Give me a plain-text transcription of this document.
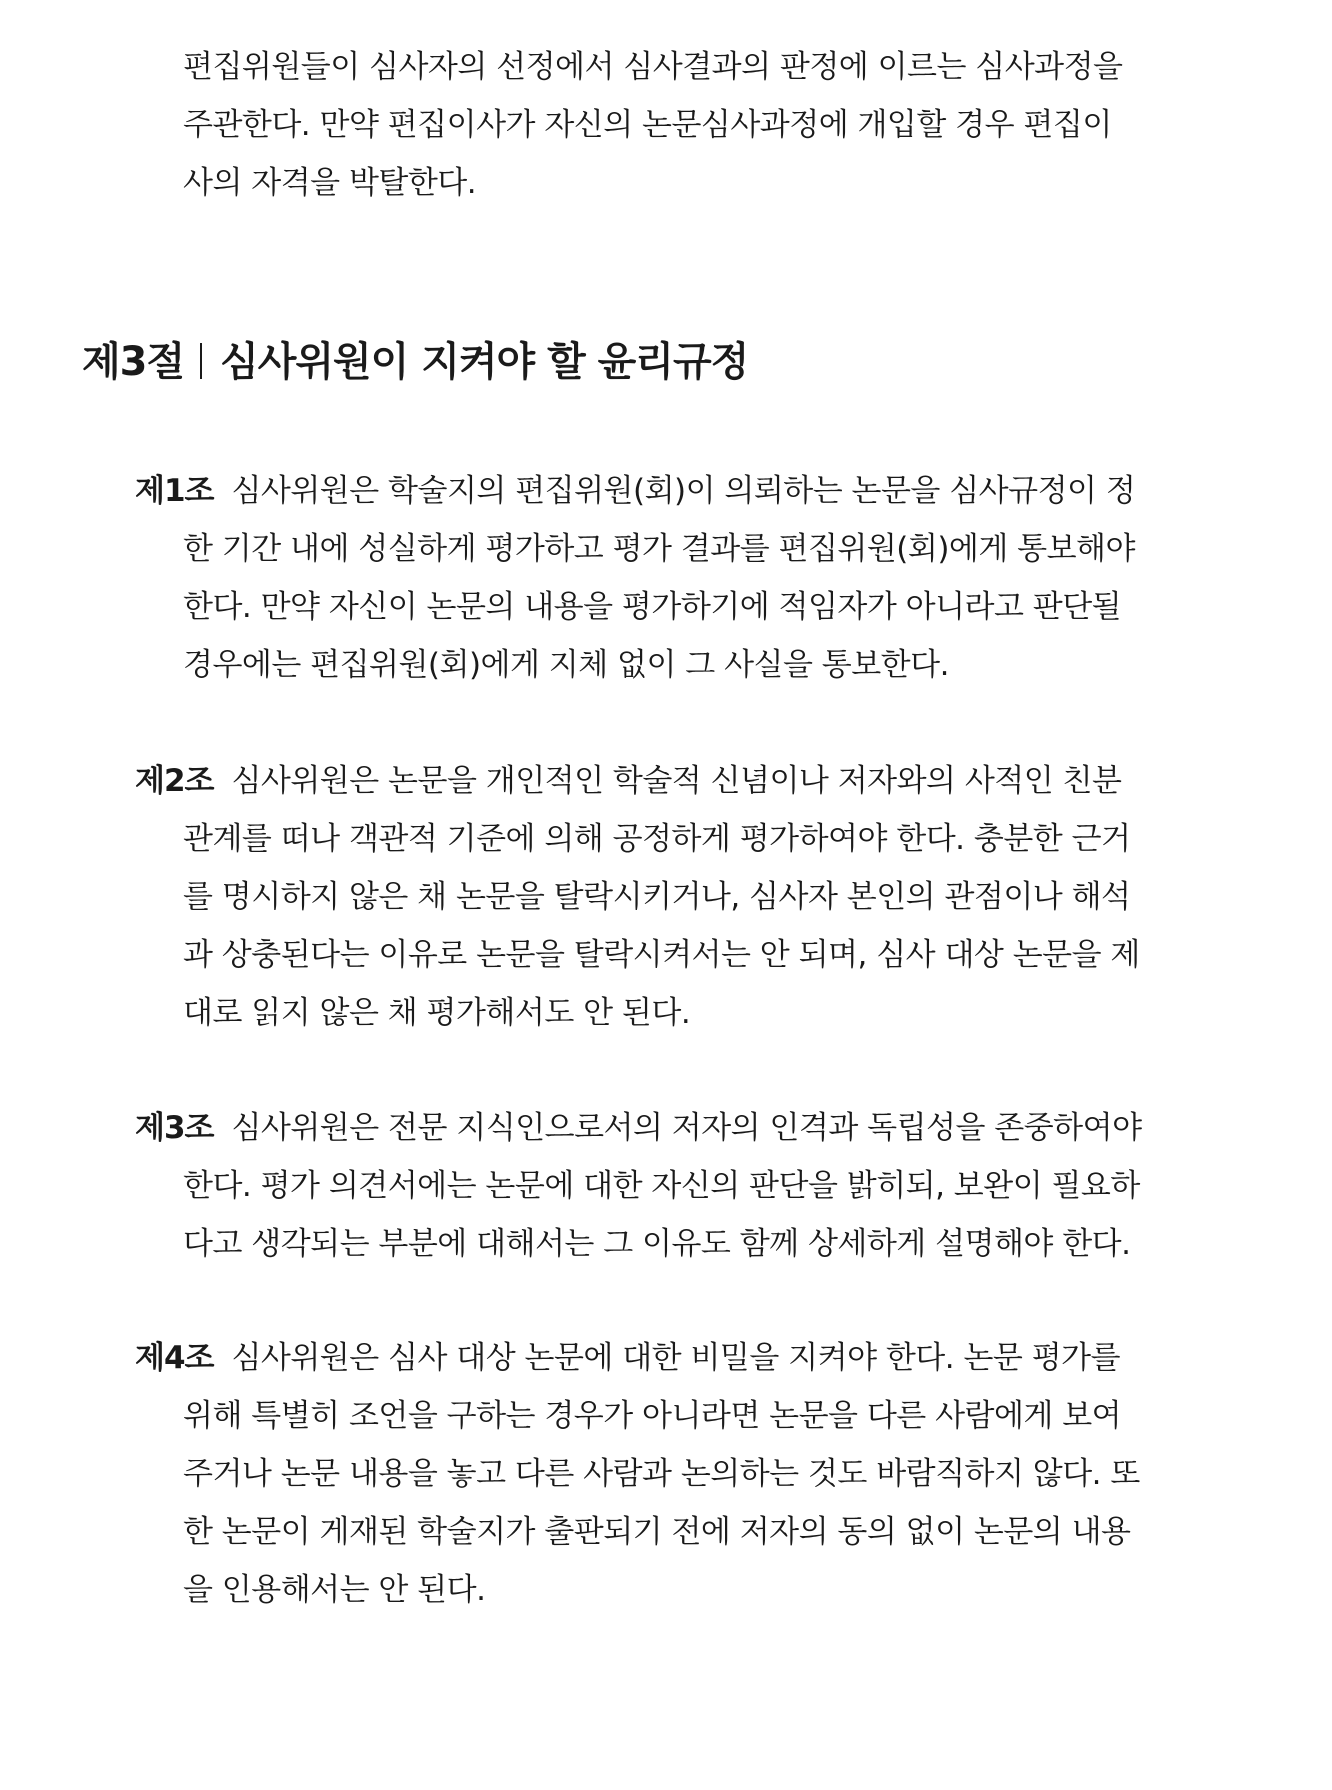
편집위원들이 심사자의 선정에서 심사결과의 판정에 이르는 심사과정을
주관한다. 만약 편집이사가 자신의 논문심사과정에 개입할 경우 편집이
사의 자격을 박탈한다.
제3절 심사위원이 지켜야 할 윤리규정
제1조 심사위원은 학술지의 편집위원(회)이 의뢰하는 논문을 심사규정이 정
한 기간 내에 성실하게 평가하고 평가 결과를 편집위원(회)에게 통보해야
한다. 만약 자신이 논문의 내용을 평가하기에 적임자가 아니라고 판단될
경우에는 편집위원(회)에게 지체 없이 그 사실을 통보한다.
제2조 심사위원은 논문을 개인적인 학술적 신념이나 저자와의 사적인 친분
관계를 떠나 객관적 기준에 의해 공정하게 평가하여야 한다. 충분한 근거
를 명시하지 않은 채 논문을 탈락시키거나, 심사자 본인의 관점이나 해석
과 상충된다는 이유로 논문을 탈락시켜서는 안 되며, 심사 대상 논문을 제
대로 읽지 않은 채 평가해서도 안 된다.
제3조 심사위원은 전문 지식인으로서의 저자의 인격과 독립성을 존중하여야
한다. 평가 의견서에는 논문에 대한 자신의 판단을 밝히되, 보완이 필요하
다고 생각되는 부분에 대해서는 그 이유도 함께 상세하게 설명해야 한다.
제4조 심사위원은 심사 대상 논문에 대한 비밀을 지켜야 한다. 논문 평가를
위해 특별히 조언을 구하는 경우가 아니라면 논문을 다른 사람에게 보여
주거나 논문 내용을 놓고 다른 사람과 논의하는 것도 바람직하지 않다. 또
한 논문이 게재된 학술지가 출판되기 전에 저자의 동의 없이 논문의 내용
을 인용해서는 안 된다.
